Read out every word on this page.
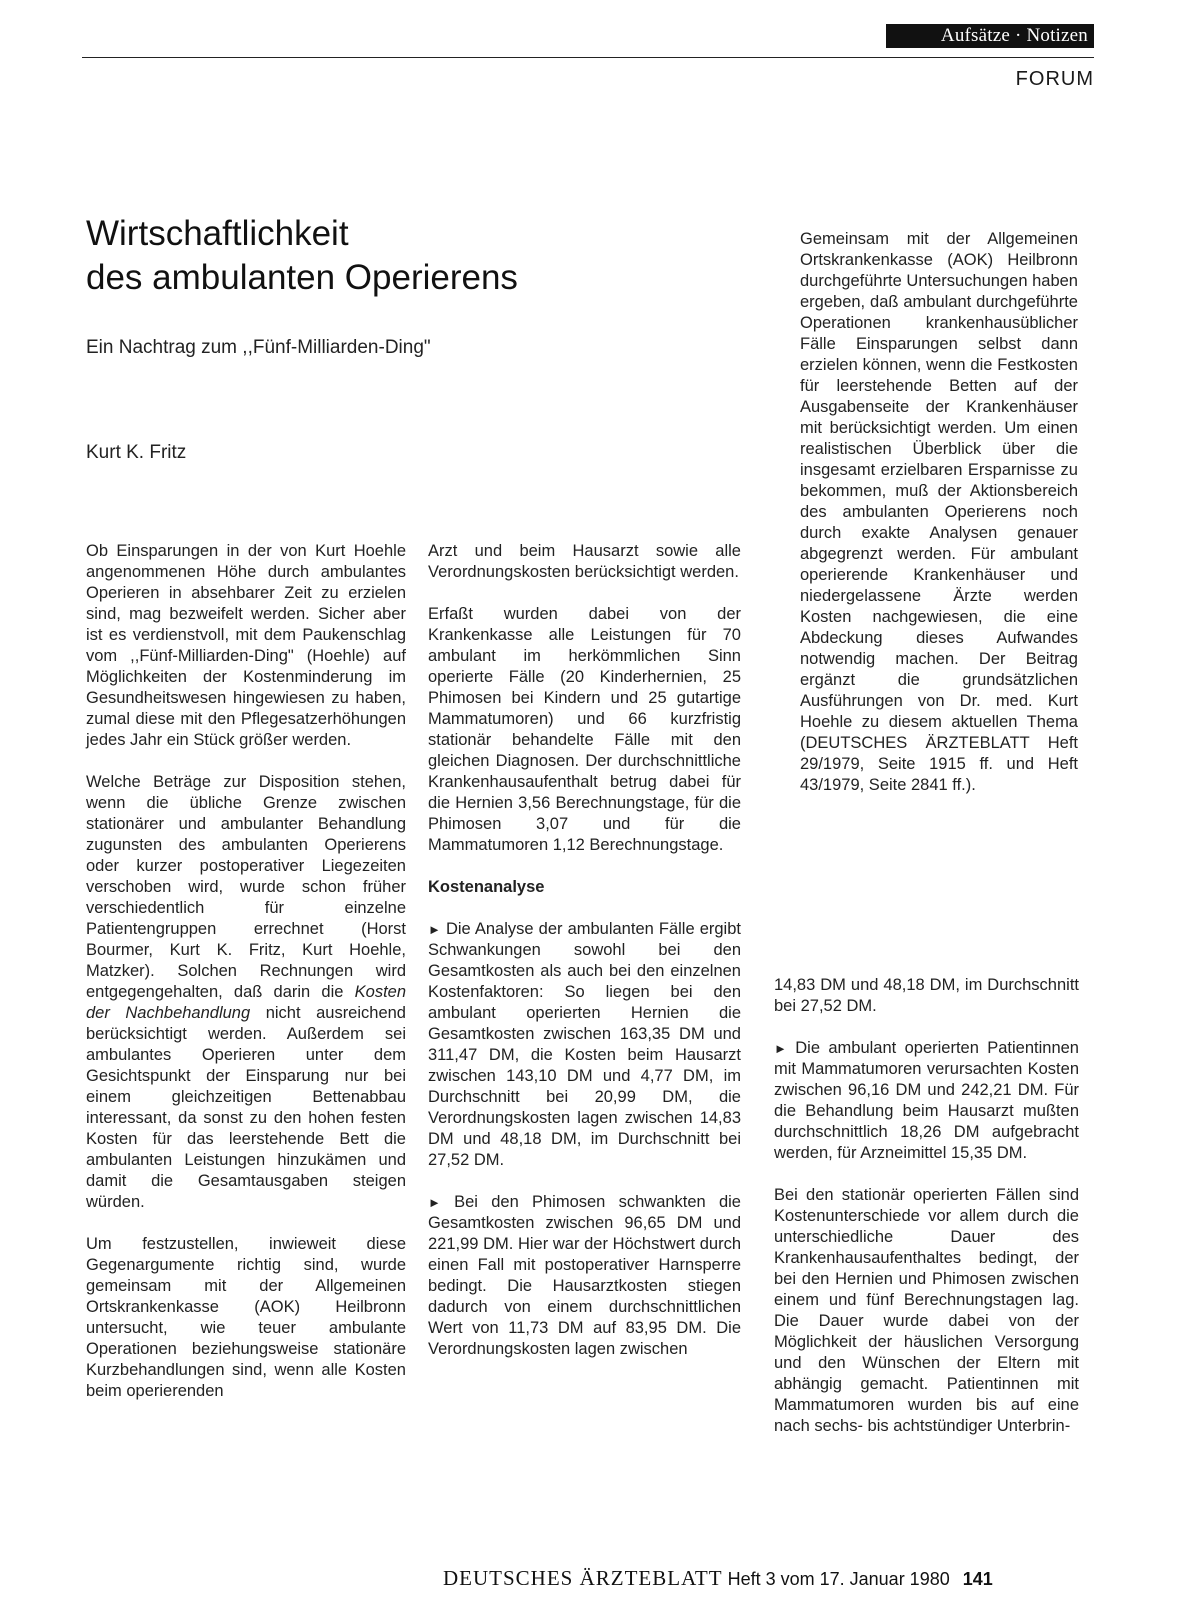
Aufsätze · Notizen
FORUM
Wirtschaftlichkeit
des ambulanten Operierens
Ein Nachtrag zum ,,Fünf-Milliarden-Ding"
Kurt K. Fritz

Ob Einsparungen in der von Kurt Hoehle angenommenen Höhe durch ambulantes Operieren in absehbarer Zeit zu erzielen sind, mag bezweifelt werden. Sicher aber ist es verdienstvoll, mit dem Paukenschlag vom ,,Fünf-Milliarden-Ding" (Hoehle) auf Möglichkeiten der Kostenminderung im Gesundheitswesen hingewiesen zu haben, zumal diese mit den Pflegesatzerhöhungen jedes Jahr ein Stück größer werden.

Welche Beträge zur Disposition stehen, wenn die übliche Grenze zwischen stationärer und ambulanter Behandlung zugunsten des ambulanten Operierens oder kurzer postoperativer Liegezeiten verschoben wird, wurde schon früher verschiedentlich für einzelne Patientengruppen errechnet (Horst Bourmer, Kurt K. Fritz, Kurt Hoehle, Matzker). Solchen Rechnungen wird entgegengehalten, daß darin die Kosten der Nachbehandlung nicht ausreichend berücksichtigt werden. Außerdem sei ambulantes Operieren unter dem Gesichtspunkt der Einsparung nur bei einem gleichzeitigen Bettenabbau interessant, da sonst zu den hohen festen Kosten für das leerstehende Bett die ambulanten Leistungen hinzukämen und damit die Gesamtausgaben steigen würden.

Um festzustellen, inwieweit diese Gegenargumente richtig sind, wurde gemeinsam mit der Allgemeinen Ortskrankenkasse (AOK) Heilbronn untersucht, wie teuer ambulante Operationen beziehungsweise stationäre Kurzbehandlungen sind, wenn alle Kosten beim operierenden

Arzt und beim Hausarzt sowie alle Verordnungskosten berücksichtigt werden.

Erfaßt wurden dabei von der Krankenkasse alle Leistungen für 70 ambulant im herkömmlichen Sinn operierte Fälle (20 Kinderhernien, 25 Phimosen bei Kindern und 25 gutartige Mammatumoren) und 66 kurzfristig stationär behandelte Fälle mit den gleichen Diagnosen. Der durchschnittliche Krankenhausaufenthalt betrug dabei für die Hernien 3,56 Berechnungstage, für die Phimosen 3,07 und für die Mammatumoren 1,12 Berechnungstage.

Kostenanalyse

► Die Analyse der ambulanten Fälle ergibt Schwankungen sowohl bei den Gesamtkosten als auch bei den einzelnen Kostenfaktoren: So liegen bei den ambulant operierten Hernien die Gesamtkosten zwischen 163,35 DM und 311,47 DM, die Kosten beim Hausarzt zwischen 143,10 DM und 4,77 DM, im Durchschnitt bei 20,99 DM, die Verordnungskosten lagen zwischen 14,83 DM und 48,18 DM, im Durchschnitt bei 27,52 DM.

► Bei den Phimosen schwankten die Gesamtkosten zwischen 96,65 DM und 221,99 DM. Hier war der Höchstwert durch einen Fall mit postoperativer Harnsperre bedingt. Die Hausarztkosten stiegen dadurch von einem durchschnittlichen Wert von 11,73 DM auf 83,95 DM. Die Verordnungskosten lagen zwischen

Gemeinsam mit der Allgemeinen Ortskrankenkasse (AOK) Heilbronn durchgeführte Untersuchungen haben ergeben, daß ambulant durchgeführte Operationen krankenhausüblicher Fälle Einsparungen selbst dann erzielen können, wenn die Festkosten für leerstehende Betten auf der Ausgabenseite der Krankenhäuser mit berücksichtigt werden. Um einen realistischen Überblick über die insgesamt erzielbaren Ersparnisse zu bekommen, muß der Aktionsbereich des ambulanten Operierens noch durch exakte Analysen genauer abgegrenzt werden. Für ambulant operierende Krankenhäuser und niedergelassene Ärzte werden Kosten nachgewiesen, die eine Abdeckung dieses Aufwandes notwendig machen. Der Beitrag ergänzt die grundsätzlichen Ausführungen von Dr. med. Kurt Hoehle zu diesem aktuellen Thema (DEUTSCHES ÄRZTEBLATT Heft 29/1979, Seite 1915 ff. und Heft 43/1979, Seite 2841 ff.).

14,83 DM und 48,18 DM, im Durchschnitt bei 27,52 DM.

► Die ambulant operierten Patientinnen mit Mammatumoren verursachten Kosten zwischen 96,16 DM und 242,21 DM. Für die Behandlung beim Hausarzt mußten durchschnittlich 18,26 DM aufgebracht werden, für Arzneimittel 15,35 DM.

Bei den stationär operierten Fällen sind Kostenunterschiede vor allem durch die unterschiedliche Dauer des Krankenhausaufenthaltes bedingt, der bei den Hernien und Phimosen zwischen einem und fünf Berechnungstagen lag. Die Dauer wurde dabei von der Möglichkeit der häuslichen Versorgung und den Wünschen der Eltern mit abhängig gemacht. Patientinnen mit Mammatumoren wurden bis auf eine nach sechs- bis achtstündiger Unterbrin-

DEUTSCHES ÄRZTEBLATT Heft 3 vom 17. Januar 1980 141
